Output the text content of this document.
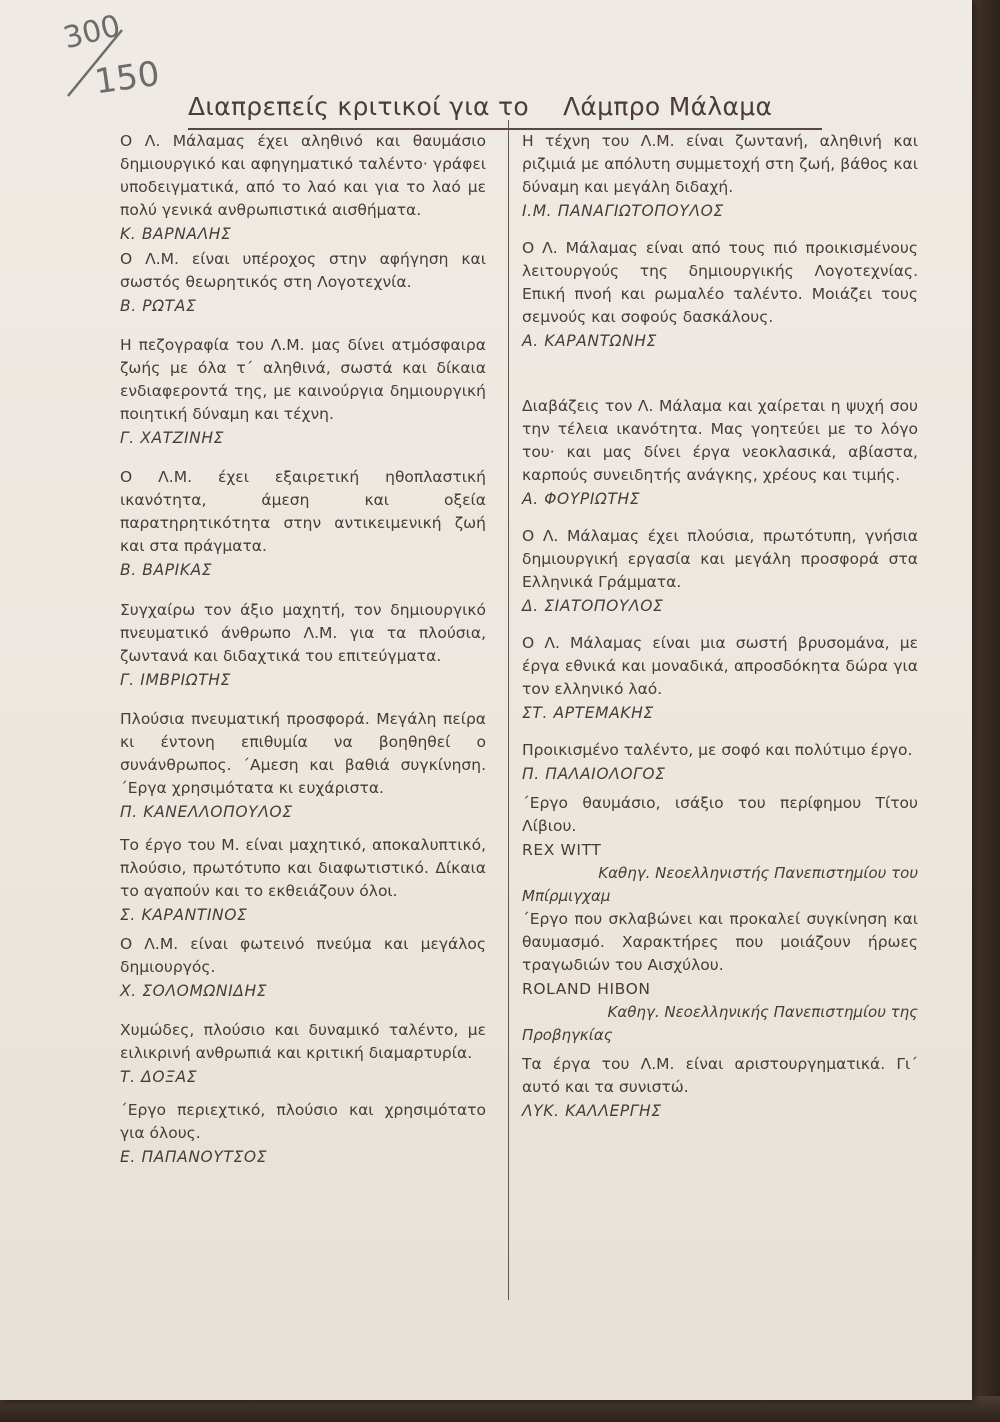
300
150
Διαπρεπείς κριτικοί για το Λάμπρο Μάλαμα

Ο Λ. Μάλαμας έχει αληθινό και θαυμάσιο δημιουργικό και αφηγηματικό ταλέντο· γράφει υποδειγματικά, από το λαό και για το λαό με πολύ γενικά ανθρωπιστικά αισθήματα.

Κ. ΒΑΡΝΑΛΗΣ

Ο Λ.Μ. είναι υπέροχος στην αφήγηση και σωστός θεωρητικός στη Λογοτεχνία.

Β. ΡΩΤΑΣ

Η πεζογραφία του Λ.Μ. μας δίνει ατμόσφαιρα ζωής με όλα τ΄ αληθινά, σωστά και δίκαια ενδιαφεροντά της, με καινούργια δημιουργική ποιητική δύναμη και τέχνη.

Γ. ΧΑΤΖΙΝΗΣ

Ο Λ.Μ. έχει εξαιρετική ηθοπλαστική ικανότητα, άμεση και οξεία παρατηρητικότητα στην αντικειμενική ζωή και στα πράγματα.

Β. ΒΑΡΙΚΑΣ

Συγχαίρω τον άξιο μαχητή, τον δημιουργικό πνευματικό άνθρωπο Λ.Μ. για τα πλούσια, ζωντανά και διδαχτικά του επιτεύγματα.

Γ. ΙΜΒΡΙΩΤΗΣ

Πλούσια πνευματική προσφορά. Μεγάλη πείρα κι έντονη επιθυμία να βοηθηθεί ο συνάνθρωπος. ΄Αμεση και βαθιά συγκίνηση. ΄Εργα χρησιμότατα κι ευχάριστα.

Π. ΚΑΝΕΛΛΟΠΟΥΛΟΣ

Το έργο του Μ. είναι μαχητικό, αποκαλυπτικό, πλούσιο, πρωτότυπο και διαφωτιστικό. Δίκαια το αγαπούν και το εκθειάζουν όλοι.

Σ. ΚΑΡΑΝΤΙΝΟΣ

Ο Λ.Μ. είναι φωτεινό πνεύμα και μεγάλος δημιουργός.

Χ. ΣΟΛΟΜΩΝΙΔΗΣ

Χυμώδες, πλούσιο και δυναμικό ταλέντο, με ειλικρινή ανθρωπιά και κριτική διαμαρτυρία.

Τ. ΔΟΞΑΣ

΄Εργο περιεχτικό, πλούσιο και χρησιμότατο για όλους.

Ε. ΠΑΠΑΝΟΥΤΣΟΣ

Η τέχνη του Λ.Μ. είναι ζωντανή, αληθινή και ριζιμιά με απόλυτη συμμετοχή στη ζωή, βάθος και δύναμη και μεγάλη διδαχή.

Ι.Μ. ΠΑΝΑΓΙΩΤΟΠΟΥΛΟΣ

Ο Λ. Μάλαμας είναι από τους πιό προικισμένους λειτουργούς της δημιουργικής Λογοτεχνίας. Επική πνοή και ρωμαλέο ταλέντο. Μοιάζει τους σεμνούς και σοφούς δασκάλους.

Α. ΚΑΡΑΝΤΩΝΗΣ

Διαβάζεις τον Λ. Μάλαμα και χαίρεται η ψυχή σου την τέλεια ικανότητα. Μας γοητεύει με το λόγο του· και μας δίνει έργα νεοκλασικά, αβίαστα, καρπούς συνειδητής ανάγκης, χρέους και τιμής.

Α. ΦΟΥΡΙΩΤΗΣ

Ο Λ. Μάλαμας έχει πλούσια, πρωτότυπη, γνήσια δημιουργική εργασία και μεγάλη προσφορά στα Ελληνικά Γράμματα.

Δ. ΣΙΑΤΟΠΟΥΛΟΣ

Ο Λ. Μάλαμας είναι μια σωστή βρυσομάνα, με έργα εθνικά και μοναδικά, απροσδόκητα δώρα για τον ελληνικό λαό.

ΣΤ. ΑΡΤΕΜΑΚΗΣ

Προικισμένο ταλέντο, με σοφό και πολύτιμο έργο.

Π. ΠΑΛΑΙΟΛΟΓΟΣ

΄Εργο θαυμάσιο, ισάξιο του περίφημου Τίτου Λίβιου.

REX WITT

Καθηγ. Νεοελληνιστής Πανεπιστημίου του Μπίρμιγχαμ

΄Εργο που σκλαβώνει και προκαλεί συγκίνηση και θαυμασμό. Χαρακτήρες που μοιάζουν ήρωες τραγωδιών του Αισχύλου.

ROLAND HIBON

Καθηγ. Νεοελληνικής Πανεπιστημίου της Προβηγκίας

Τα έργα του Λ.Μ. είναι αριστουργηματικά. Γι΄ αυτό και τα συνιστώ.

ΛΥΚ. ΚΑΛΛΕΡΓΗΣ
